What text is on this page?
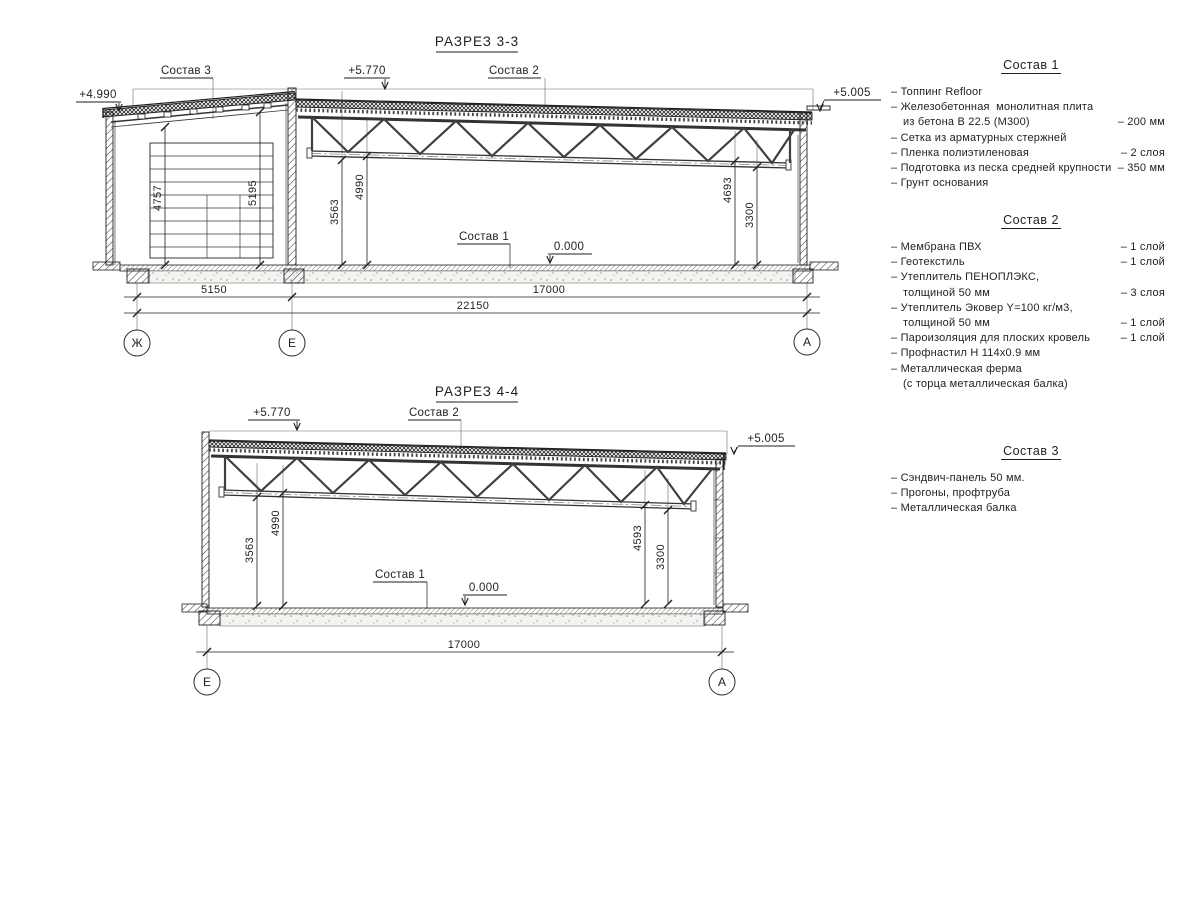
РАЗРЕЗ 3-3
4757	5195
3563
4990	4693
3300
Состав 3	+5.770	Состав 2
+4.990	+5.005
Состав 1
0.000
5150	17000
22150
Ж	Е	А
РАЗРЕЗ 4-4
3563
4990
4593
3300
+5.770	Состав 2
+5.005
Состав 1
0.000
17000
Е	А
Состав 1
– Топпинг Refloor
– Железобетонная  монолитная плита
из бетона В 22.5 (М300)	– 200 мм
– Сетка из арматурных стержней
– Пленка полиэтиленовая	– 2 слоя
– Подготовка из песка средней крупности – 350 мм
– Грунт основания
Состав 2
– Мембрана ПВХ	– 1 слой
– Геотекстиль	– 1 слой
– Утеплитель ПЕНОПЛЭКС,
толщиной 50 мм	– 3 слоя
– Утеплитель Эковер Y=100 кг/м3,
толщиной 50 мм	– 1 слой
– Пароизоляция для плоских кровель	– 1 слой
– Профнастил Н 114х0.9 мм
– Металлическая ферма
(с торца металлическая балка)
Состав 3
– Сэндвич-панель 50 мм.
– Прогоны, профтруба
– Металлическая балка
